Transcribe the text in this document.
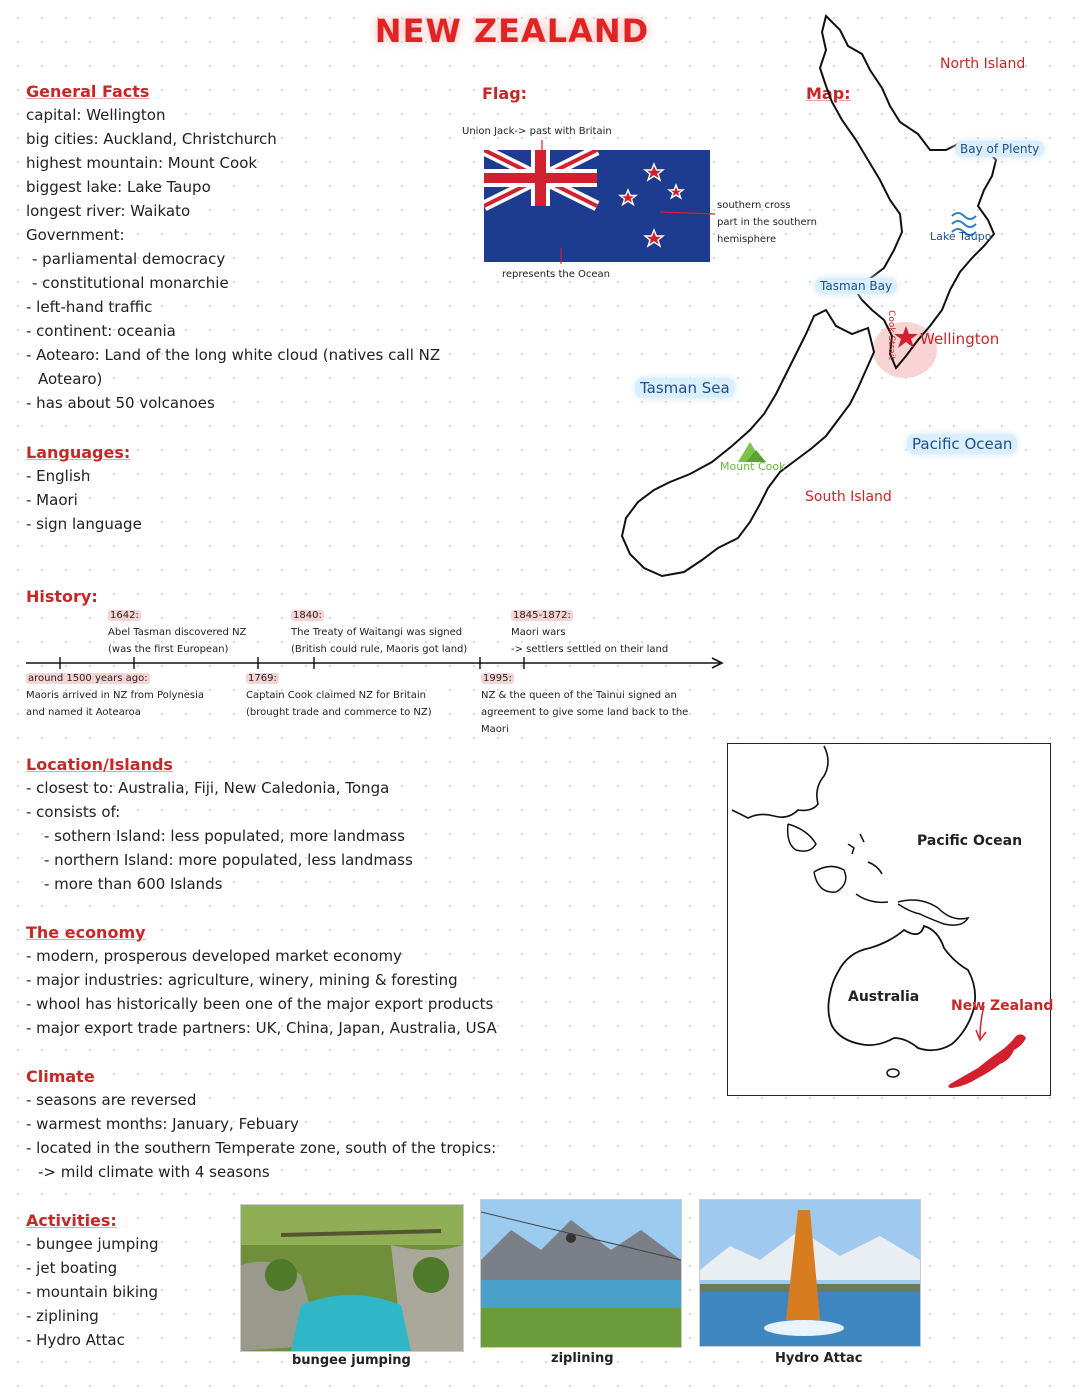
NEW ZEALAND
General Facts
capital: Wellington
big cities: Auckland, Christchurch
highest mountain: Mount Cook
biggest lake: Lake Taupo
longest river: Waikato
Government:
- parliamental democracy
- constitutional monarchie
- left-hand traffic
- continent: oceania
- Aotearo: Land of the long white cloud (natives call NZ
Aotearo)
- has about 50 volcanoes
Languages:
- English
- Maori
- sign language
Flag:
Union Jack-> past with Britain
southern cross
part in the southern
hemisphere
represents the Ocean
Map:
North Island
Bay of Plenty
Lake Taupo
Tasman Bay
Cook Strait Wellington
Tasman Sea
Pacific Ocean
Mount Cook
South Island
History:
1642:
Abel Tasman discovered NZ
(was the first European)
1840:
The Treaty of Waitangi was signed
(British could rule, Maoris got land)
1845-1872:
Maori wars
-> settlers settled on their land
around 1500 years ago:
Maoris arrived in NZ from Polynesia
and named it Aotearoa
1769:
Captain Cook claimed NZ for Britain
(brought trade and commerce to NZ)
1995:
NZ & the queen of the Tainui signed an
agreement to give some land back to the
Maori
Location/Islands
- closest to: Australia, Fiji, New Caledonia, Tonga
- consists of:
- sothern Island: less populated, more landmass
- northern Island: more populated, less landmass
- more than 600 Islands
Pacific Ocean
Australia
New Zealand
The economy
- modern, prosperous developed market economy
- major industries: agriculture, winery, mining & foresting
- whool has historically been one of the major export products
- major export trade partners: UK, China, Japan, Australia, USA
Climate
- seasons are reversed
- warmest months: January, Febuary
- located in the southern Temperate zone, south of the tropics:
-> mild climate with 4 seasons
Activities:
- bungee jumping
- jet boating
- mountain biking
- ziplining
- Hydro Attac
bungee jumping	ziplining	Hydro Attac
